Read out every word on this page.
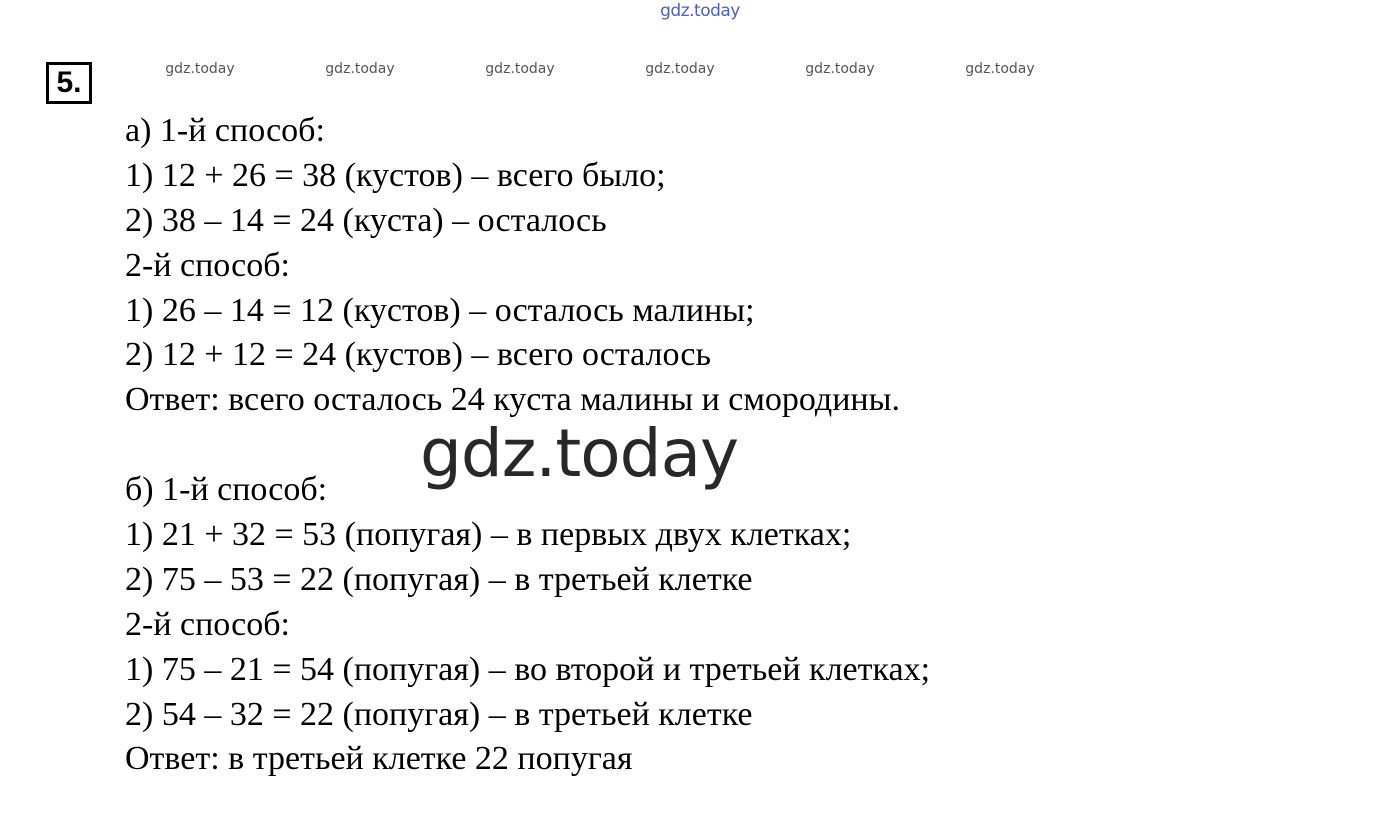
gdz.today
5.	gdz.today	gdz.today	gdz.today	gdz.today	gdz.today	gdz.today
а) 1-й способ:
1) 12 + 26 = 38 (кустов) – всего было;
2) 38 – 14 = 24 (куста) – осталось
2-й способ:
1) 26 – 14 = 12 (кустов) – осталось малины;
2) 12 + 12 = 24 (кустов) – всего осталось
Ответ: всего осталось 24 куста малины и смородины.
б) 1-й способ:
1) 21 + 32 = 53 (попугая) – в первых двух клетках;
2) 75 – 53 = 22 (попугая) – в третьей клетке
2-й способ:
1) 75 – 21 = 54 (попугая) – во второй и третьей клетках;
2) 54 – 32 = 22 (попугая) – в третьей клетке
Ответ: в третьей клетке 22 попугая
gdz.today
